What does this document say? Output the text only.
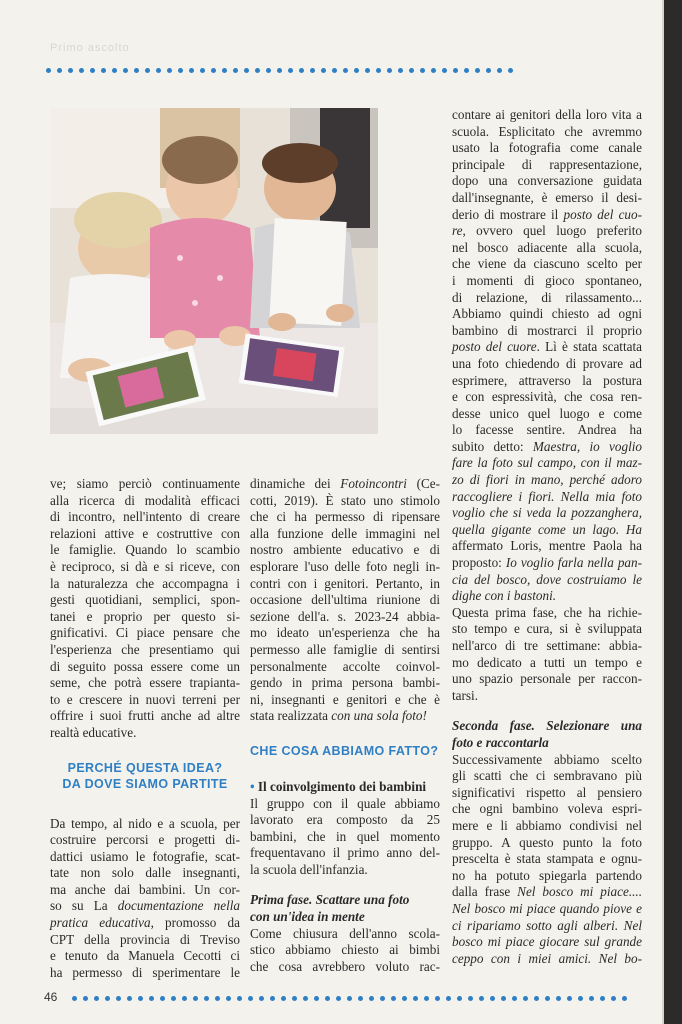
Primo ascolto
ve; siamo perciò continuamente
alla ricerca di modalità efficaci
di incontro, nell'intento di creare
relazioni attive e costruttive con
le famiglie. Quando lo scambio
è reciproco, si dà e si riceve, con
la naturalezza che accompagna i
gesti quotidiani, semplici, spon-
tanei e proprio per questo si-
gnificativi. Ci piace pensare che
l'esperienza che presentiamo qui
di seguito possa essere come un
seme, che potrà essere trapianta-
to e crescere in nuovi terreni per
offrire i suoi frutti anche ad altre
realtà educative.
PERCHÉ QUESTA IDEA?
DA DOVE SIAMO PARTITE
Da tempo, al nido e a scuola, per
costruire percorsi e progetti di-
dattici usiamo le fotografie, scat-
tate non solo dalle insegnanti,
ma anche dai bambini. Un cor-
so su La documentazione nella
pratica educativa, promosso da
CPT della provincia di Treviso
e tenuto da Manuela Cecotti ci
ha permesso di sperimentare le
dinamiche dei Fotoincontri (Ce-
cotti, 2019). È stato uno stimolo
che ci ha permesso di ripensare
alla funzione delle immagini nel
nostro ambiente educativo e di
esplorare l'uso delle foto negli in-
contri con i genitori. Pertanto, in
occasione dell'ultima riunione di
sezione dell'a. s. 2023-24 abbia-
mo ideato un'esperienza che ha
permesso alle famiglie di sentirsi
personalmente accolte coinvol-
gendo in prima persona bambi-
ni, insegnanti e genitori e che è
stata realizzata con una sola foto!
CHE COSA ABBIAMO FATTO?
• Il coinvolgimento dei bambini
Il gruppo con il quale abbiamo
lavorato era composto da 25
bambini, che in quel momento
frequentavano il primo anno del-
la scuola dell'infanzia.
Prima fase. Scattare una foto
con un'idea in mente
Come chiusura dell'anno scola-
stico abbiamo chiesto ai bimbi
che cosa avrebbero voluto rac-
contare ai genitori della loro vita a
scuola. Esplicitato che avremmo
usato la fotografia come canale
principale di rappresentazione,
dopo una conversazione guidata
dall'insegnante, è emerso il desi-
derio di mostrare il posto del cuo-
re, ovvero quel luogo preferito
nel bosco adiacente alla scuola,
che viene da ciascuno scelto per
i momenti di gioco spontaneo,
di relazione, di rilassamento...
Abbiamo quindi chiesto ad ogni
bambino di mostrarci il proprio
posto del cuore. Lì è stata scattata
una foto chiedendo di provare ad
esprimere, attraverso la postura
e con espressività, che cosa ren-
desse unico quel luogo e come
lo facesse sentire. Andrea ha
subito detto: Maestra, io voglio
fare la foto sul campo, con il maz-
zo di fiori in mano, perché adoro
raccogliere i fiori. Nella mia foto
voglio che si veda la pozzanghera,
quella gigante come un lago. Ha
affermato Loris, mentre Paola ha
proposto: Io voglio farla nella pan-
cia del bosco, dove costruiamo le
dighe con i bastoni.
Questa prima fase, che ha richie-
sto tempo e cura, si è sviluppata
nell'arco di tre settimane: abbia-
mo dedicato a tutti un tempo e
uno spazio personale per raccon-
tarsi.
Seconda fase. Selezionare una
foto e raccontarla
Successivamente abbiamo scelto
gli scatti che ci sembravano più
significativi rispetto al pensiero
che ogni bambino voleva espri-
mere e li abbiamo condivisi nel
gruppo. A questo punto la foto
prescelta è stata stampata e ognu-
no ha potuto spiegarla partendo
dalla frase Nel bosco mi piace....
Nel bosco mi piace quando piove e
ci ripariamo sotto agli alberi. Nel
bosco mi piace giocare sul grande
ceppo con i miei amici. Nel bo-
46
